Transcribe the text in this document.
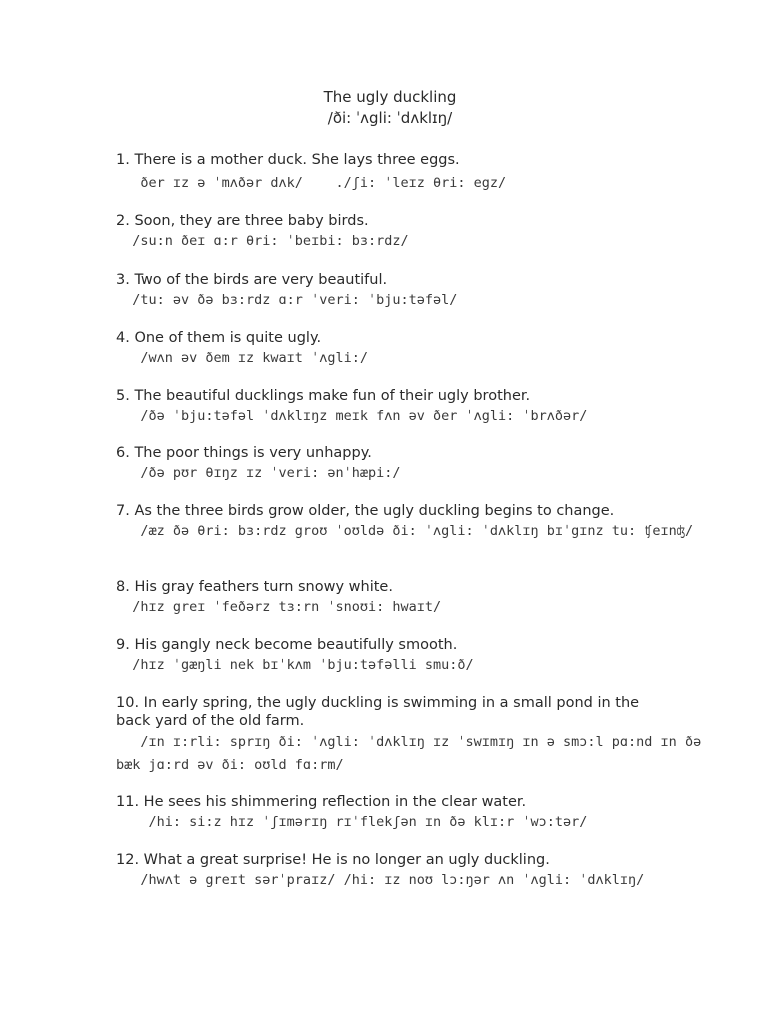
The ugly duckling
/ði: ˈʌgli: ˈdʌklɪŋ/
1. There is a mother duck. She lays three eggs.
ðer ɪz ə ˈmʌðər dʌk/    ./ʃi: ˈleɪz θri: egz/
2. Soon, they are three baby birds.
/su:n ðeɪ ɑ:r θri: ˈbeɪbi: bɜ:rdz/
3. Two of the birds are very beautiful.
/tu: əv ðə bɜ:rdz ɑ:r ˈveri: ˈbju:təfəl/
4. One of them is quite ugly.
/wʌn əv ðem ɪz kwaɪt ˈʌgli:/
5. The beautiful ducklings make fun of their ugly brother.
/ðə ˈbju:təfəl ˈdʌklɪŋz meɪk fʌn əv ðer ˈʌgli: ˈbrʌðər/
6. The poor things is very unhappy.
/ðə pʊr θɪŋz ɪz ˈveri: ənˈhæpi:/
7. As the three birds grow older, the ugly duckling begins to change.
/æz ðə θri: bɜ:rdz groʊ ˈoʊldə ði: ˈʌgli: ˈdʌklɪŋ bɪˈgɪnz tu: ʧeɪnʤ/
8. His gray feathers turn snowy white.
/hɪz greɪ ˈfeðərz tɜ:rn ˈsnoʊi: hwaɪt/
9. His gangly neck become beautifully smooth.
/hɪz ˈgæŋli nek bɪˈkʌm ˈbju:təfəlli smu:ð/
10. In early spring, the ugly duckling is swimming in a small pond in the back yard of the old farm.
/ɪn ɪ:rli: sprɪŋ ði: ˈʌgli: ˈdʌklɪŋ ɪz ˈswɪmɪŋ ɪn ə smɔ:l pɑ:nd ɪn ðə
bæk jɑ:rd əv ði: oʊld fɑ:rm/
11. He sees his shimmering reflection in the clear water.
/hi: si:z hɪz ˈʃɪmərɪŋ rɪˈflekʃən ɪn ðə klɪ:r ˈwɔ:tər/
12. What a great surprise! He is no longer an ugly duckling.
/hwʌt ə greɪt sərˈpraɪz/ /hi: ɪz noʊ lɔ:ŋər ʌn ˈʌgli: ˈdʌklɪŋ/
